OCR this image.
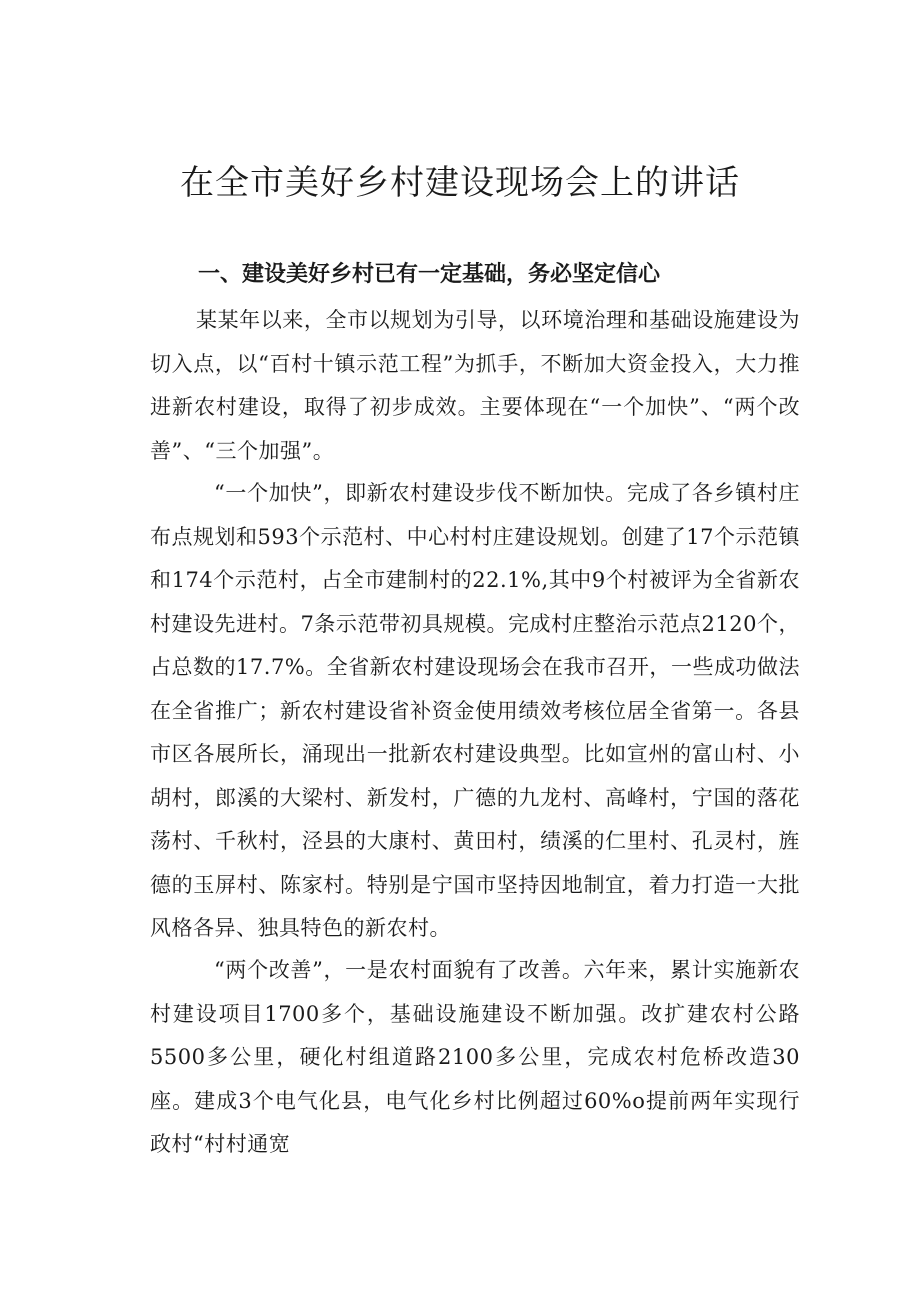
在全市美好乡村建设现场会上的讲话
一、建设美好乡村已有一定基础，务必坚定信心

某某年以来，全市以规划为引导，以环境治理和基础设施建设为切入点，以“百村十镇示范工程”为抓手，不断加大资金投入，大力推进新农村建设，取得了初步成效。主要体现在“一个加快”、“两个改善”、“三个加强”。

“一个加快”，即新农村建设步伐不断加快。完成了各乡镇村庄布点规划和593个示范村、中心村村庄建设规划。创建了17个示范镇和174个示范村，占全市建制村的22.1%,其中9个村被评为全省新农村建设先进村。7条示范带初具规模。完成村庄整治示范点2120个，占总数的17.7%。全省新农村建设现场会在我市召开，一些成功做法在全省推广；新农村建设省补资金使用绩效考核位居全省第一。各县市区各展所长，涌现出一批新农村建设典型。比如宣州的富山村、小胡村，郎溪的大梁村、新发村，广德的九龙村、高峰村，宁国的落花荡村、千秋村，泾县的大康村、黄田村，绩溪的仁里村、孔灵村，旌德的玉屏村、陈家村。特别是宁国市坚持因地制宜，着力打造一大批风格各异、独具特色的新农村。

“两个改善”，一是农村面貌有了改善。六年来，累计实施新农村建设项目1700多个，基础设施建设不断加强。改扩建农村公路5500多公里，硬化村组道路2100多公里，完成农村危桥改造30座。建成3个电气化县，电气化乡村比例超过60%o提前两年实现行政村“村村通宽
